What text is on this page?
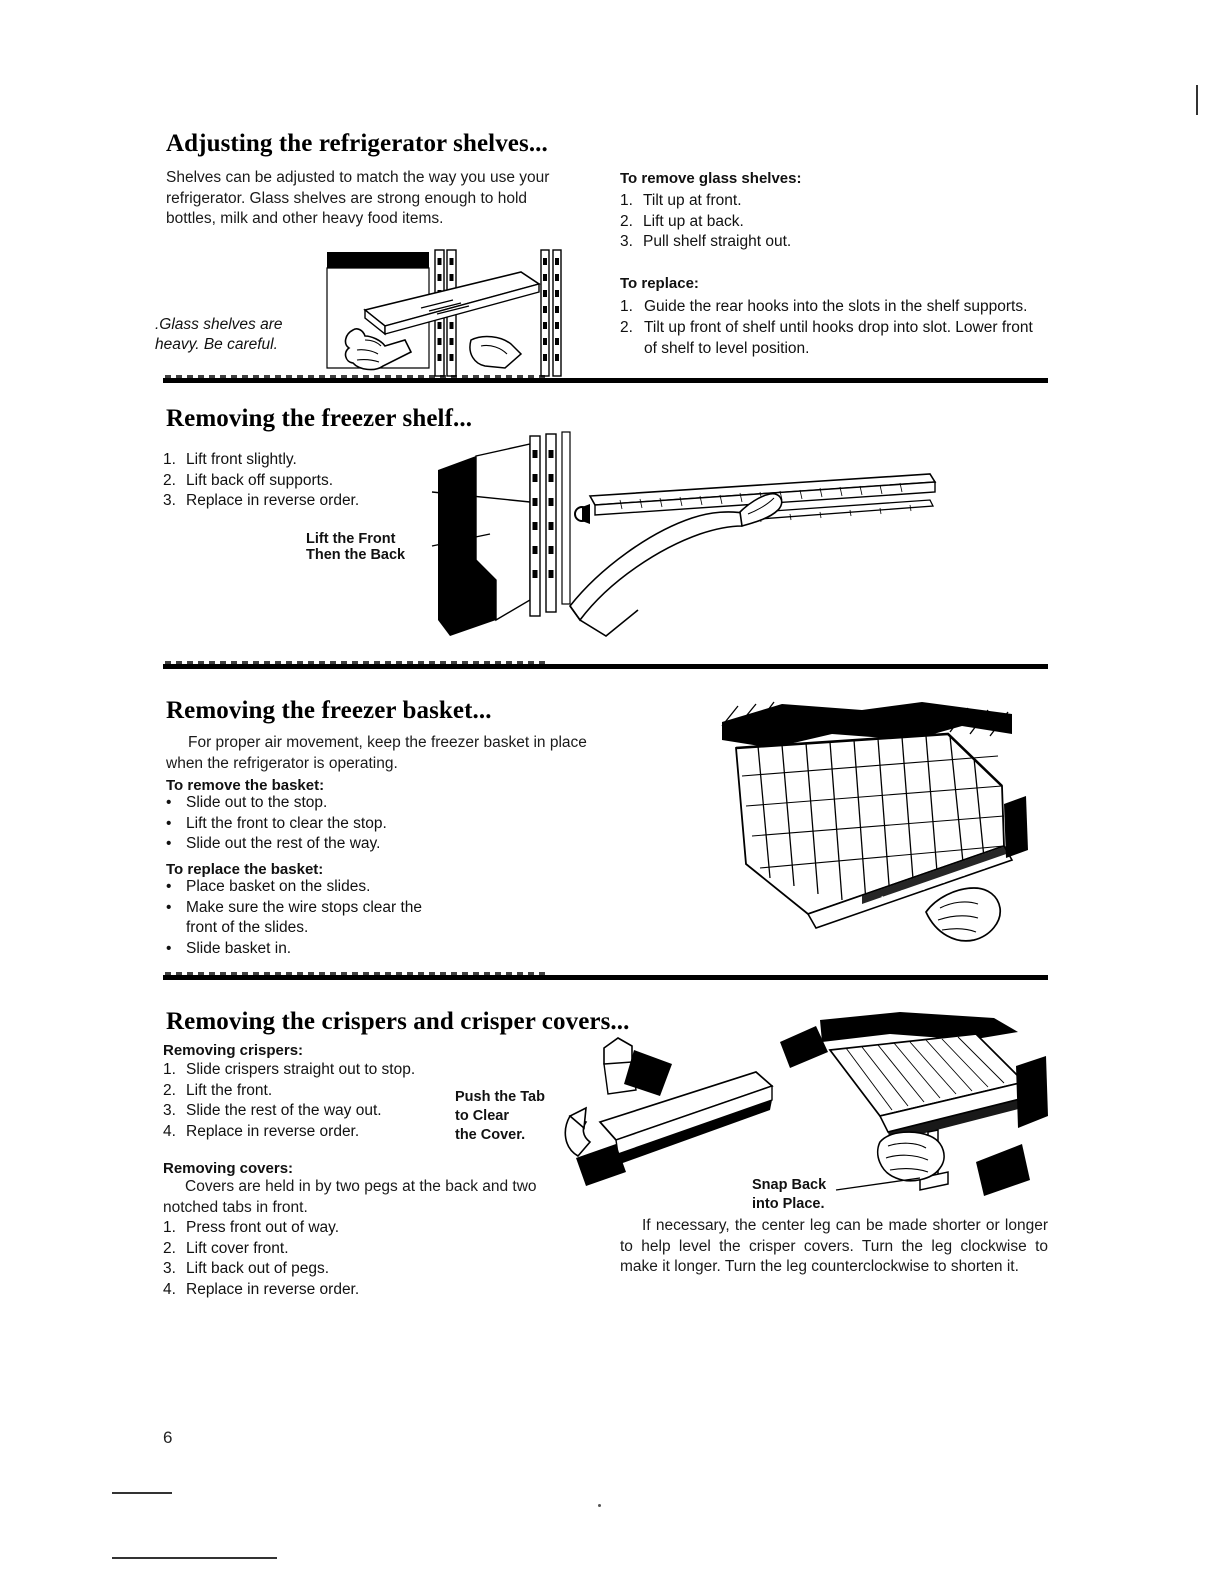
Adjusting the refrigerator shelves...
Shelves can be adjusted to match the way you use your refrigerator. Glass shelves are strong enough to hold bottles, milk and other heavy food items.
.Glass shelves are heavy. Be careful.
To remove glass shelves:
1. Tilt up at front.
2. Lift up at back.
3. Pull shelf straight out.
To replace:
1. Guide the rear hooks into the slots in the shelf supports.
2. Tilt up front of shelf until hooks drop into slot. Lower front of shelf to level position.
Removing the freezer shelf...
1. Lift front slightly.
2. Lift back off supports.
3. Replace in reverse order.
Lift the Front
Then the Back
Removing the freezer basket...
For proper air movement, keep the freezer basket in place when the refrigerator is operating.
To remove the basket:
• Slide out to the stop.
• Lift the front to clear the stop.
• Slide out the rest of the way.
To replace the basket:
• Place basket on the slides.
• Make sure the wire stops clear the front of the slides.
• Slide basket in.
Removing the crispers and crisper covers...
Removing crispers:
1. Slide crispers straight out to stop.
2. Lift the front.
3. Slide the rest of the way out.
4. Replace in reverse order.
Push the Tab
to Clear
the Cover.
Removing covers:
Covers are held in by two pegs at the back and two notched tabs in front.
1. Press front out of way.
2. Lift cover front.
3. Lift back out of pegs.
4. Replace in reverse order.
Snap Back
into Place.
If necessary, the center leg can be made shorter or longer to help level the crisper covers. Turn the leg clockwise to make it longer. Turn the leg counterclockwise to shorten it.
6
